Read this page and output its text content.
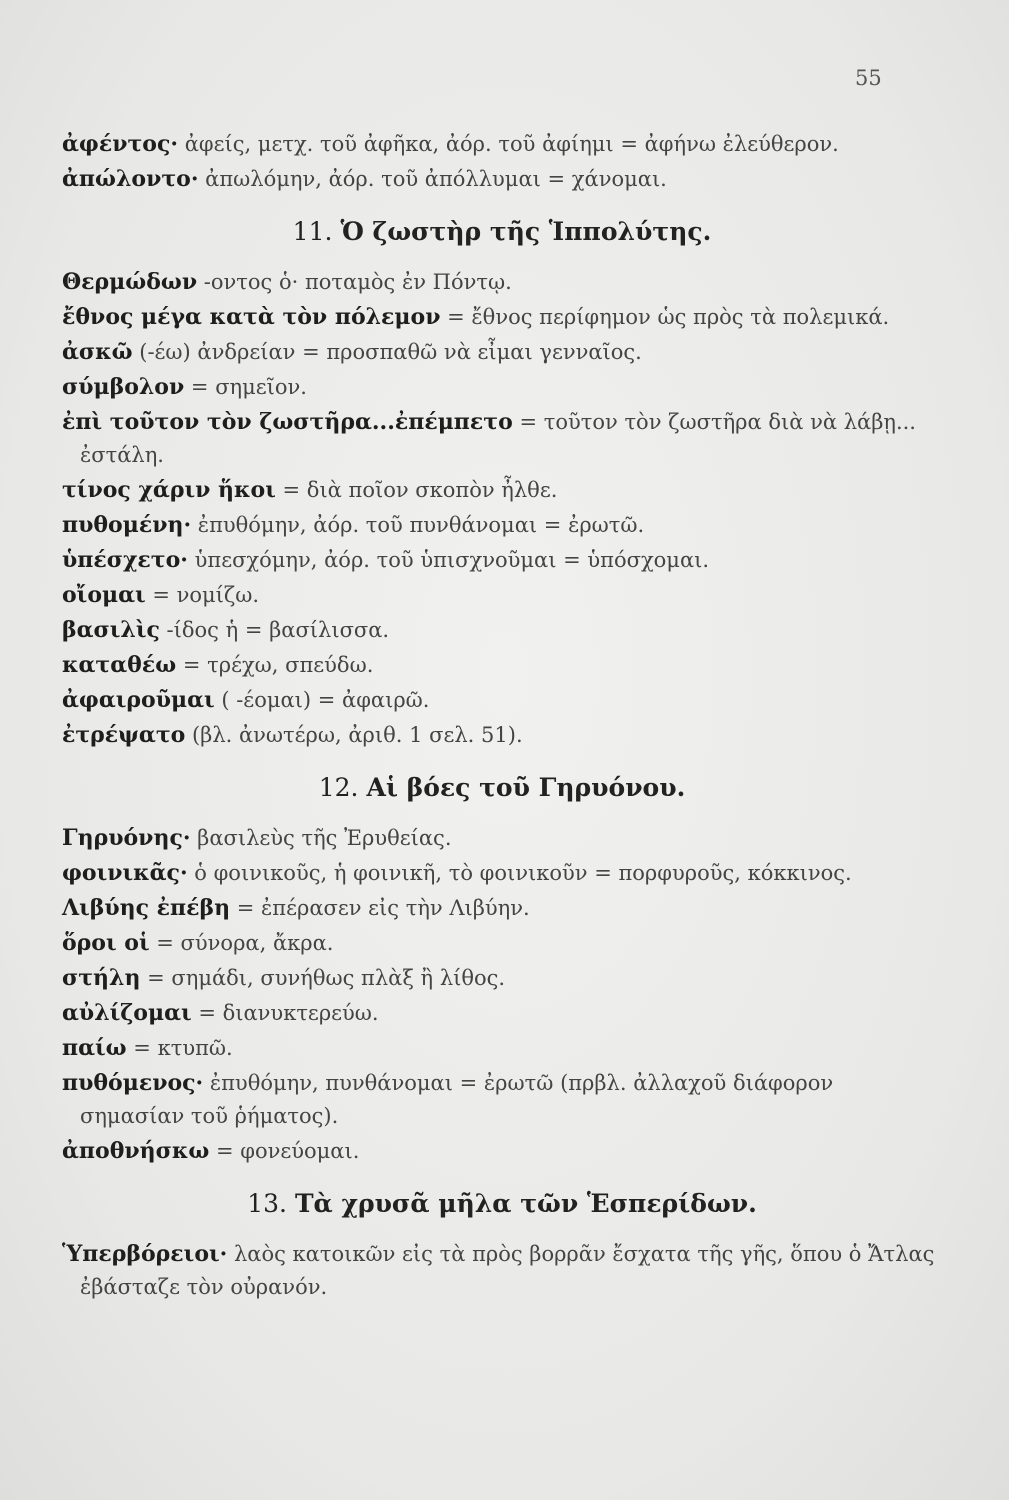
55
ἀφέντος· ἀφείς, μετχ. τοῦ ἀφῆκα, ἀόρ. τοῦ ἀφίημι = ἀφήνω ἐλεύθερον.
ἀπώλοντο· ἀπωλόμην, ἀόρ. τοῦ ἀπόλλυμαι = χάνομαι.
11. Ὁ ζωστὴρ τῆς Ἱππολύτης.
Θερμώδων -οντος ὁ· ποταμὸς ἐν Πόντῳ.
ἔθνος μέγα κατὰ τὸν πόλεμον = ἔθνος περίφημον ὡς πρὸς τὰ πολεμικά.
ἀσκῶ (-έω) ἀνδρείαν = προσπαθῶ νὰ εἶμαι γενναῖος.
σύμβολον = σημεῖον.
ἐπὶ τοῦτον τὸν ζωστῆρα...ἐπέμπετο = τοῦτον τὸν ζωστῆρα διὰ νὰ λάβῃ... ἐστάλη.
τίνος χάριν ἥκοι = διὰ ποῖον σκοπὸν ἦλθε.
πυθομένη· ἐπυθόμην, ἀόρ. τοῦ πυνθάνομαι = ἐρωτῶ.
ὑπέσχετο· ὑπεσχόμην, ἀόρ. τοῦ ὑπισχνοῦμαι = ὑπόσχομαι.
οἴομαι = νομίζω.
βασιλὶς -ίδος ἡ = βασίλισσα.
καταθέω = τρέχω, σπεύδω.
ἀφαιροῦμαι ( -έομαι) = ἀφαιρῶ.
ἐτρέψατο (βλ. ἀνωτέρω, ἀριθ. 1 σελ. 51).
12. Αἱ βόες τοῦ Γηρυόνου.
Γηρυόνης· βασιλεὺς τῆς Ἐρυθείας.
φοινικᾶς· ὁ φοινικοῦς, ἡ φοινικῆ, τὸ φοινικοῦν = πορφυροῦς, κόκκινος.
Λιβύης ἐπέβη = ἐπέρασεν εἰς τὴν Λιβύην.
ὅροι οἱ = σύνορα, ἄκρα.
στήλη = σημάδι, συνήθως πλὰξ ἢ λίθος.
αὐλίζομαι = διανυκτερεύω.
παίω = κτυπῶ.
πυθόμενος· ἐπυθόμην, πυνθάνομαι = ἐρωτῶ (πρβλ. ἀλλαχοῦ διάφορον σημασίαν τοῦ ῥήματος).
ἀποθνήσκω = φονεύομαι.
13. Τὰ χρυσᾶ μῆλα τῶν Ἑσπερίδων.
Ὑπερβόρειοι· λαὸς κατοικῶν εἰς τὰ πρὸς βορρᾶν ἔσχατα τῆς γῆς, ὅπου ὁ Ἄτλας ἐβάσταζε τὸν οὐρανόν.
